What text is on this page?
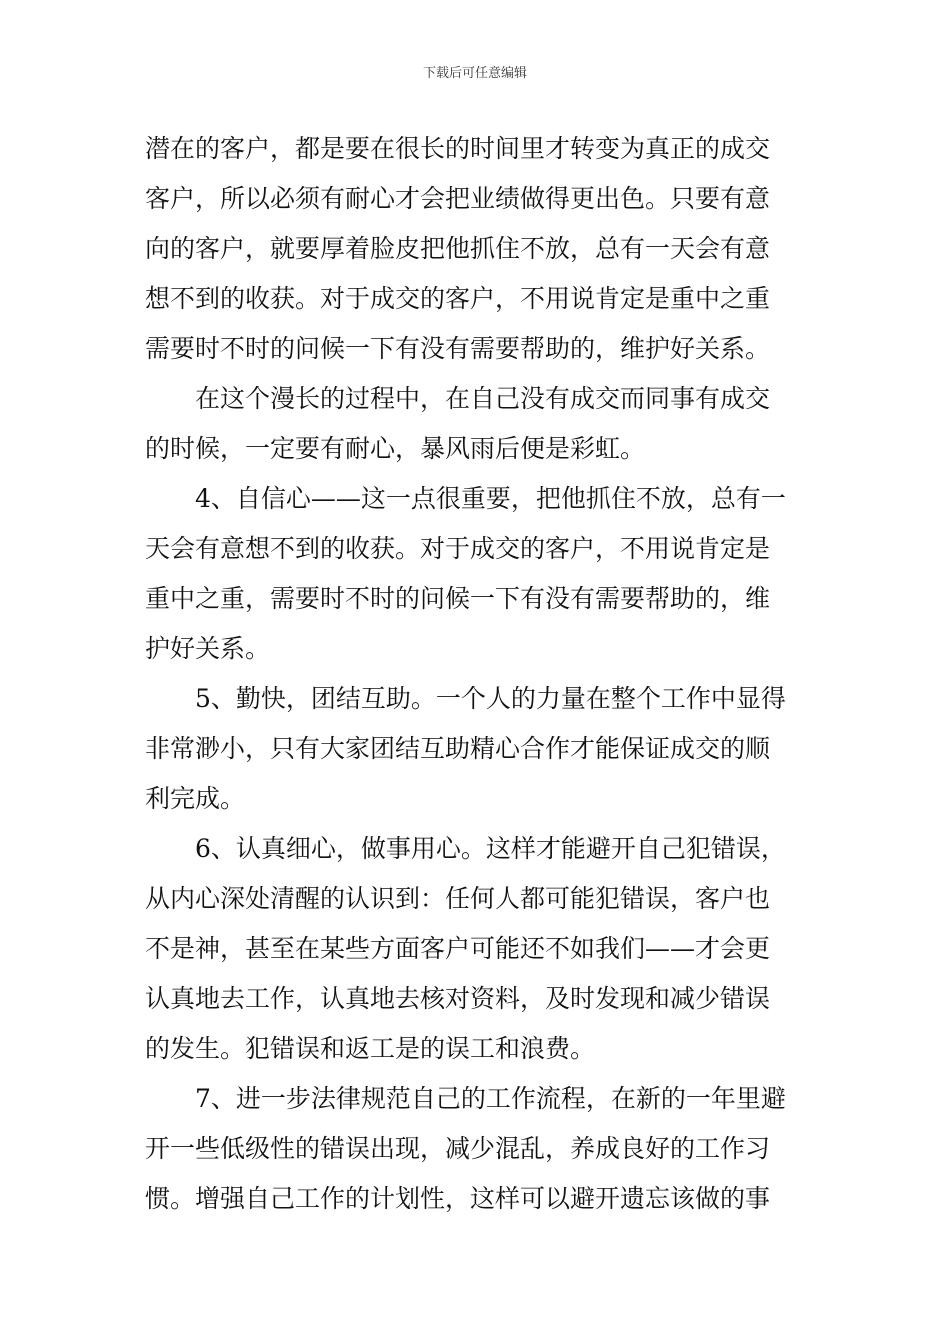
下载后可任意编辑
潜在的客户，都是要在很长的时间里才转变为真正的成交
客户，所以必须有耐心才会把业绩做得更出色。只要有意
向的客户，就要厚着脸皮把他抓住不放，总有一天会有意
想不到的收获。对于成交的客户，不用说肯定是重中之重
需要时不时的问候一下有没有需要帮助的，维护好关系。
在这个漫长的过程中，在自己没有成交而同事有成交
的时候，一定要有耐心，暴风雨后便是彩虹。
4、自信心——这一点很重要，把他抓住不放，总有一
天会有意想不到的收获。对于成交的客户，不用说肯定是
重中之重，需要时不时的问候一下有没有需要帮助的，维
护好关系。
5、勤快，团结互助。一个人的力量在整个工作中显得
非常渺小，只有大家团结互助精心合作才能保证成交的顺
利完成。
6、认真细心，做事用心。这样才能避开自己犯错误，
从内心深处清醒的认识到：任何人都可能犯错误，客户也
不是神，甚至在某些方面客户可能还不如我们——才会更
认真地去工作，认真地去核对资料，及时发现和减少错误
的发生。犯错误和返工是的误工和浪费。
7、进一步法律规范自己的工作流程，在新的一年里避
开一些低级性的错误出现，减少混乱，养成良好的工作习
惯。增强自己工作的计划性，这样可以避开遗忘该做的事
